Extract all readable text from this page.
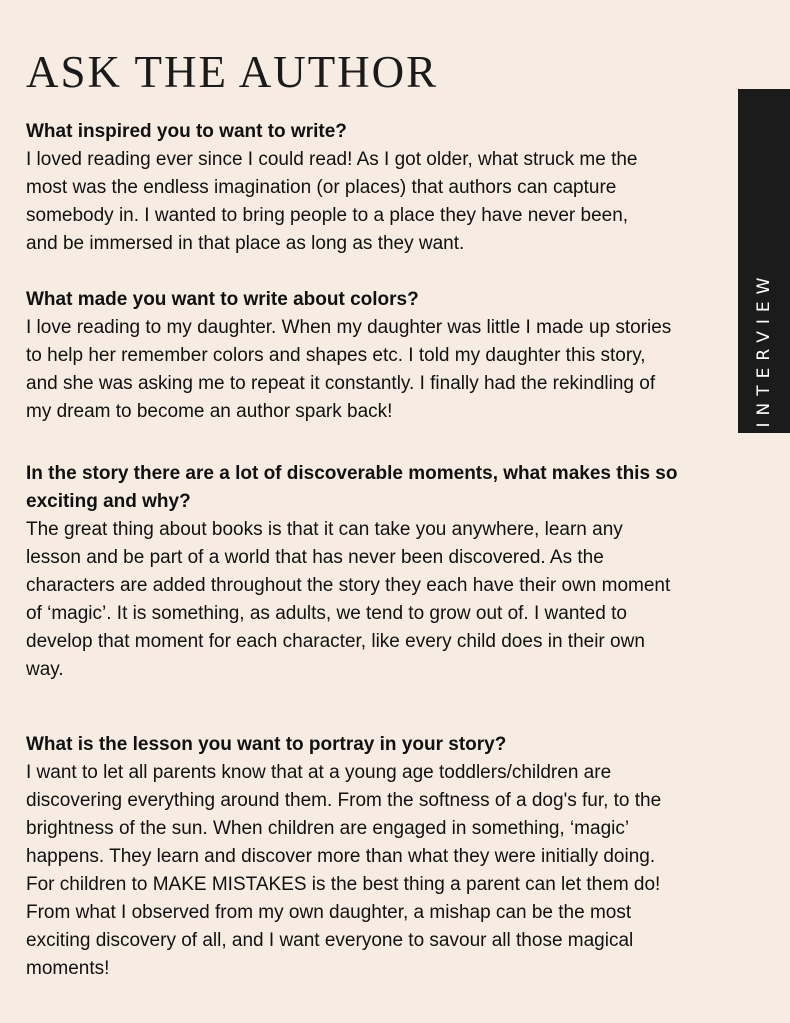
ASK THE AUTHOR
INTERVIEW
What inspired you to want to write?
I loved reading ever since I could read! As I got older, what struck me the
most was the endless imagination (or places) that authors can capture
somebody in. I wanted to bring people to a place they have never been,
and be immersed in that place as long as they want.
What made you want to write about colors?
I love reading to my daughter. When my daughter was little I made up stories
to help her remember colors and shapes etc. I told my daughter this story,
and she was asking me to repeat it constantly. I finally had the rekindling of
my dream to become an author spark back!
In the story there are a lot of discoverable moments, what makes this so
exciting and why?
The great thing about books is that it can take you anywhere, learn any
lesson and be part of a world that has never been discovered. As the
characters are added throughout the story they each have their own moment
of ‘magic’. It is something, as adults, we tend to grow out of. I wanted to
develop that moment for each character, like every child does in their own
way.
What is the lesson you want to portray in your story?
I want to let all parents know that at a young age toddlers/children are
discovering everything around them. From the softness of a dog's fur, to the
brightness of the sun. When children are engaged in something, ‘magic’
happens. They learn and discover more than what they were initially doing.
For children to MAKE MISTAKES is the best thing a parent can let them do!
From what I observed from my own daughter, a mishap can be the most
exciting discovery of all, and I want everyone to savour all those magical
moments!
